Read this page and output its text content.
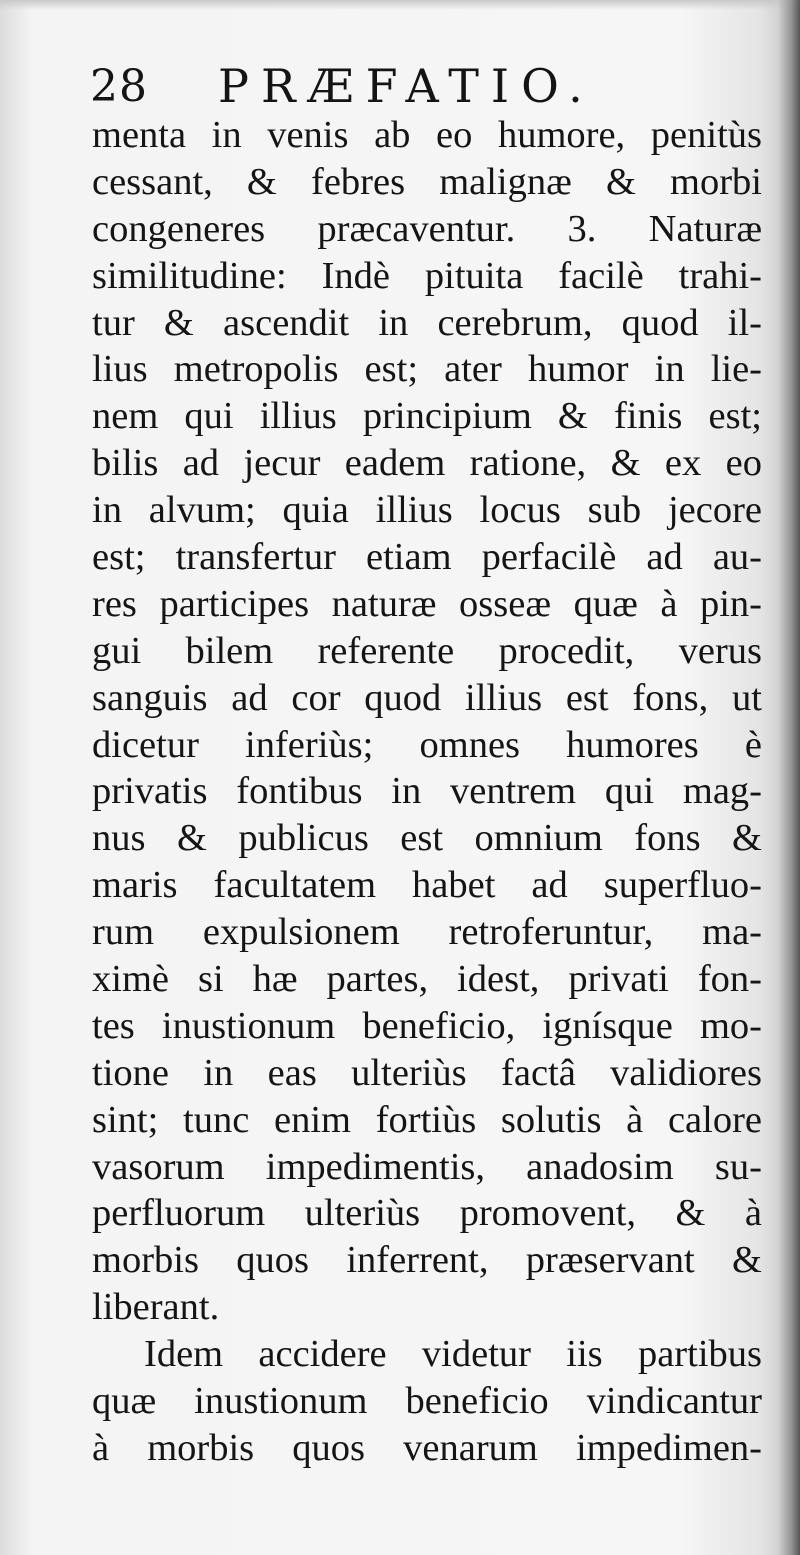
28 PRÆFATIO.
menta in venis ab eo humore, penitùs
cessant, & febres malignæ & morbi
congeneres præcaventur. 3. Naturæ
similitudine: Indè pituita facilè trahi-
tur & ascendit in cerebrum, quod il-
lius metropolis est; ater humor in lie-
nem qui illius principium & finis est;
bilis ad jecur eadem ratione, & ex eo
in alvum; quia illius locus sub jecore
est; transfertur etiam perfacilè ad au-
res participes naturæ osseæ quæ à pin-
gui bilem referente procedit, verus
sanguis ad cor quod illius est fons, ut
dicetur inferiùs; omnes humores è
privatis fontibus in ventrem qui mag-
nus & publicus est omnium fons &
maris facultatem habet ad superfluo-
rum expulsionem retroferuntur, ma-
ximè si hæ partes, idest, privati fon-
tes inustionum beneficio, ignísque mo-
tione in eas ulteriùs factâ validiores
sint; tunc enim fortiùs solutis à calore
vasorum impedimentis, anadosim su-
perfluorum ulteriùs promovent, & à
morbis quos inferrent, præservant &
liberant.
Idem accidere videtur iis partibus
quæ inustionum beneficio vindicantur
à morbis quos venarum impedimen-
